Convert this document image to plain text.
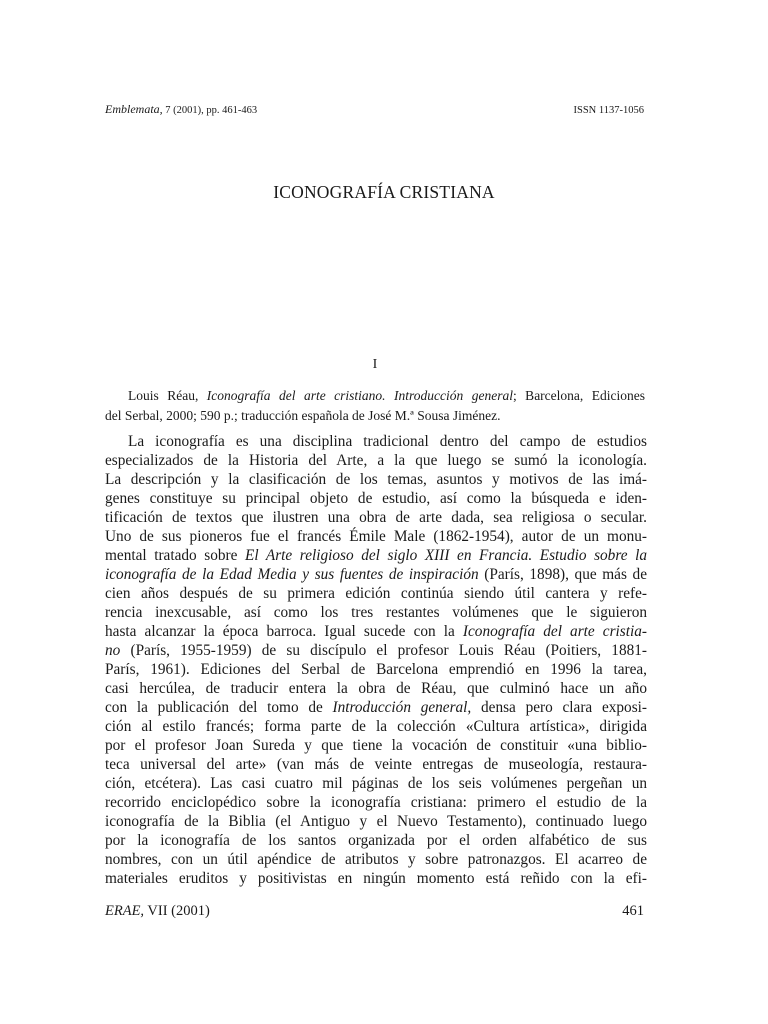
Emblemata, 7 (2001), pp. 461-463	ISSN 1137-1056
ICONOGRAFÍA CRISTIANA
I
Louis Réau, Iconografía del arte cristiano. Introducción general; Barcelona, Ediciones
del Serbal, 2000; 590 p.; traducción española de José M.ª Sousa Jiménez.
La iconografía es una disciplina tradicional dentro del campo de estudios
especializados de la Historia del Arte, a la que luego se sumó la iconología.
La descripción y la clasificación de los temas, asuntos y motivos de las imá-
genes constituye su principal objeto de estudio, así como la búsqueda e iden-
tificación de textos que ilustren una obra de arte dada, sea religiosa o secular.
Uno de sus pioneros fue el francés Émile Male (1862-1954), autor de un monu-
mental tratado sobre El Arte religioso del siglo XIII en Francia. Estudio sobre la
iconografía de la Edad Media y sus fuentes de inspiración (París, 1898), que más de
cien años después de su primera edición continúa siendo útil cantera y refe-
rencia inexcusable, así como los tres restantes volúmenes que le siguieron
hasta alcanzar la época barroca. Igual sucede con la Iconografía del arte cristia-
no (París, 1955-1959) de su discípulo el profesor Louis Réau (Poitiers, 1881-
París, 1961). Ediciones del Serbal de Barcelona emprendió en 1996 la tarea,
casi hercúlea, de traducir entera la obra de Réau, que culminó hace un año
con la publicación del tomo de Introducción general, densa pero clara exposi-
ción al estilo francés; forma parte de la colección «Cultura artística», dirigida
por el profesor Joan Sureda y que tiene la vocación de constituir «una biblio-
teca universal del arte» (van más de veinte entregas de museología, restaura-
ción, etcétera). Las casi cuatro mil páginas de los seis volúmenes pergeñan un
recorrido enciclopédico sobre la iconografía cristiana: primero el estudio de la
iconografía de la Biblia (el Antiguo y el Nuevo Testamento), continuado luego
por la iconografía de los santos organizada por el orden alfabético de sus
nombres, con un útil apéndice de atributos y sobre patronazgos. El acarreo de
materiales eruditos y positivistas en ningún momento está reñido con la efi-
ERAE, VII (2001)	461
